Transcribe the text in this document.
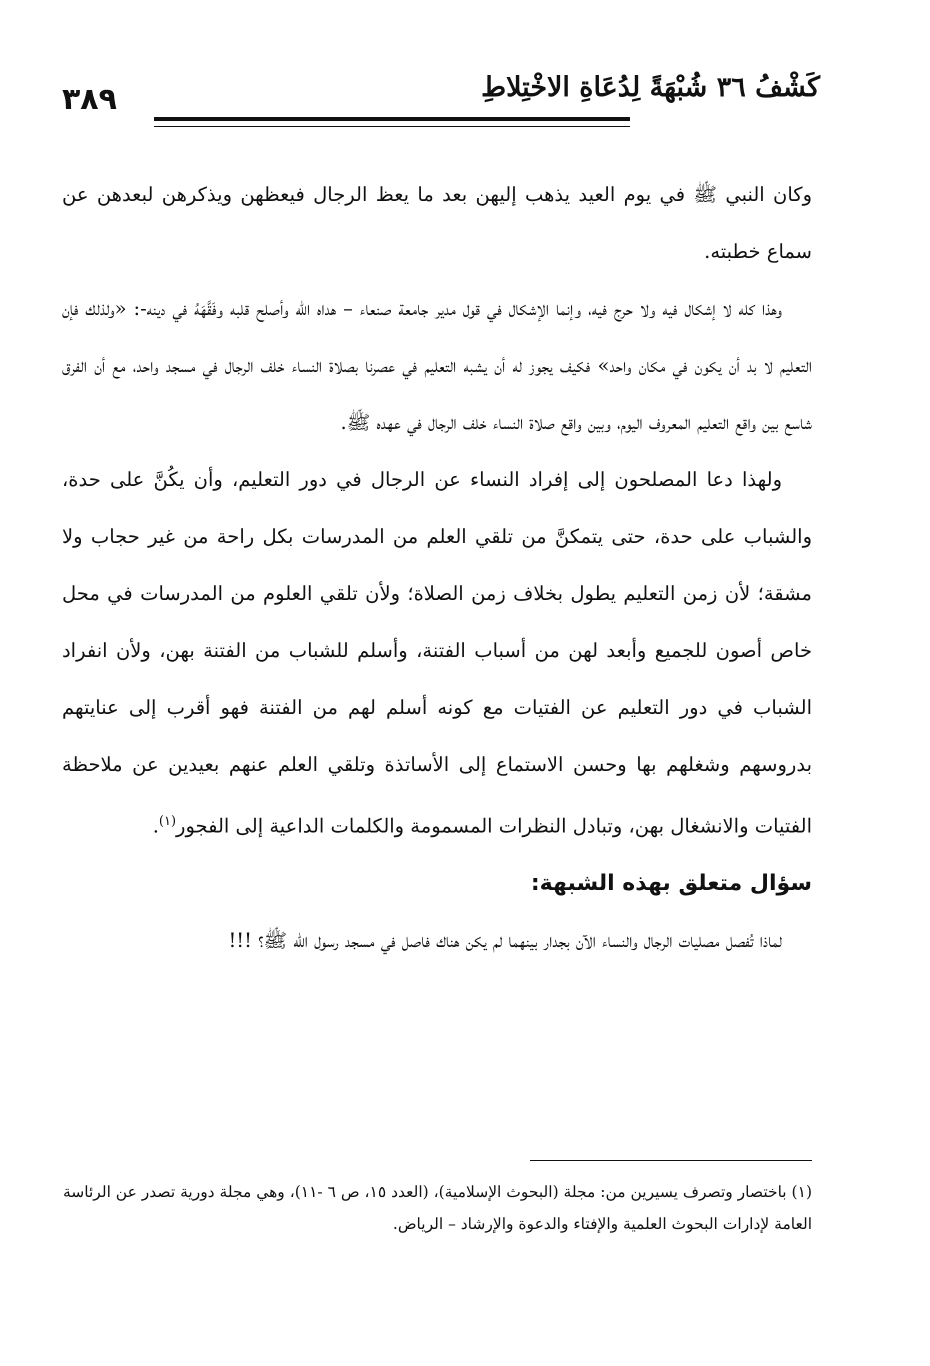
٣٨٩	كَشْفُ ٣٦ شُبْهَةً لِدُعَاةِ الاخْتِلاطِ

وكان النبي ﷺ في يوم العيد يذهب إليهن بعد ما يعظ الرجال فيعظهن ويذكرهن لبعدهن عن سماع خطبته.

وهذا كله لا إشكال فيه ولا حرج فيه، وإنما الإشكال في قول مدير جامعة صنعاء – هداه الله وأصلح قلبه وفَقَّهَهُ في دينه-: «ولذلك فإن التعليم لا بد أن يكون في مكان واحد» فكيف يجوز له أن يشبه التعليم في عصرنا بصلاة النساء خلف الرجال في مسجد واحد، مع أن الفرق شاسع بين واقع التعليم المعروف اليوم، وبين واقع صلاة النساء خلف الرجال في عهده ﷺ.

ولهذا دعا المصلحون إلى إفراد النساء عن الرجال في دور التعليم، وأن يكُنَّ على حدة، والشباب على حدة، حتى يتمكنَّ من تلقي العلم من المدرسات بكل راحة من غير حجاب ولا مشقة؛ لأن زمن التعليم يطول بخلاف زمن الصلاة؛ ولأن تلقي العلوم من المدرسات في محل خاص أصون للجميع وأبعد لهن من أسباب الفتنة، وأسلم للشباب من الفتنة بهن، ولأن انفراد الشباب في دور التعليم عن الفتيات مع كونه أسلم لهم من الفتنة فهو أقرب إلى عنايتهم بدروسهم وشغلهم بها وحسن الاستماع إلى الأساتذة وتلقي العلم عنهم بعيدين عن ملاحظة الفتيات والانشغال بهن، وتبادل النظرات المسمومة والكلمات الداعية إلى الفجور$^{(١)}$.

سؤال متعلق بهذه الشبهة:

لماذا تُفصل مصليات الرجال والنساء الآن بجدار بينهما لم يكن هناك فاصل في مسجد رسول الله ﷺ؟ !!!

(١) باختصار وتصرف يسيرين من: مجلة (البحوث الإسلامية)، (العدد ١٥، ص ٦ -١١)، وهي مجلة دورية تصدر عن الرئاسة العامة لإدارات البحوث العلمية والإفتاء والدعوة والإرشاد – الرياض.
